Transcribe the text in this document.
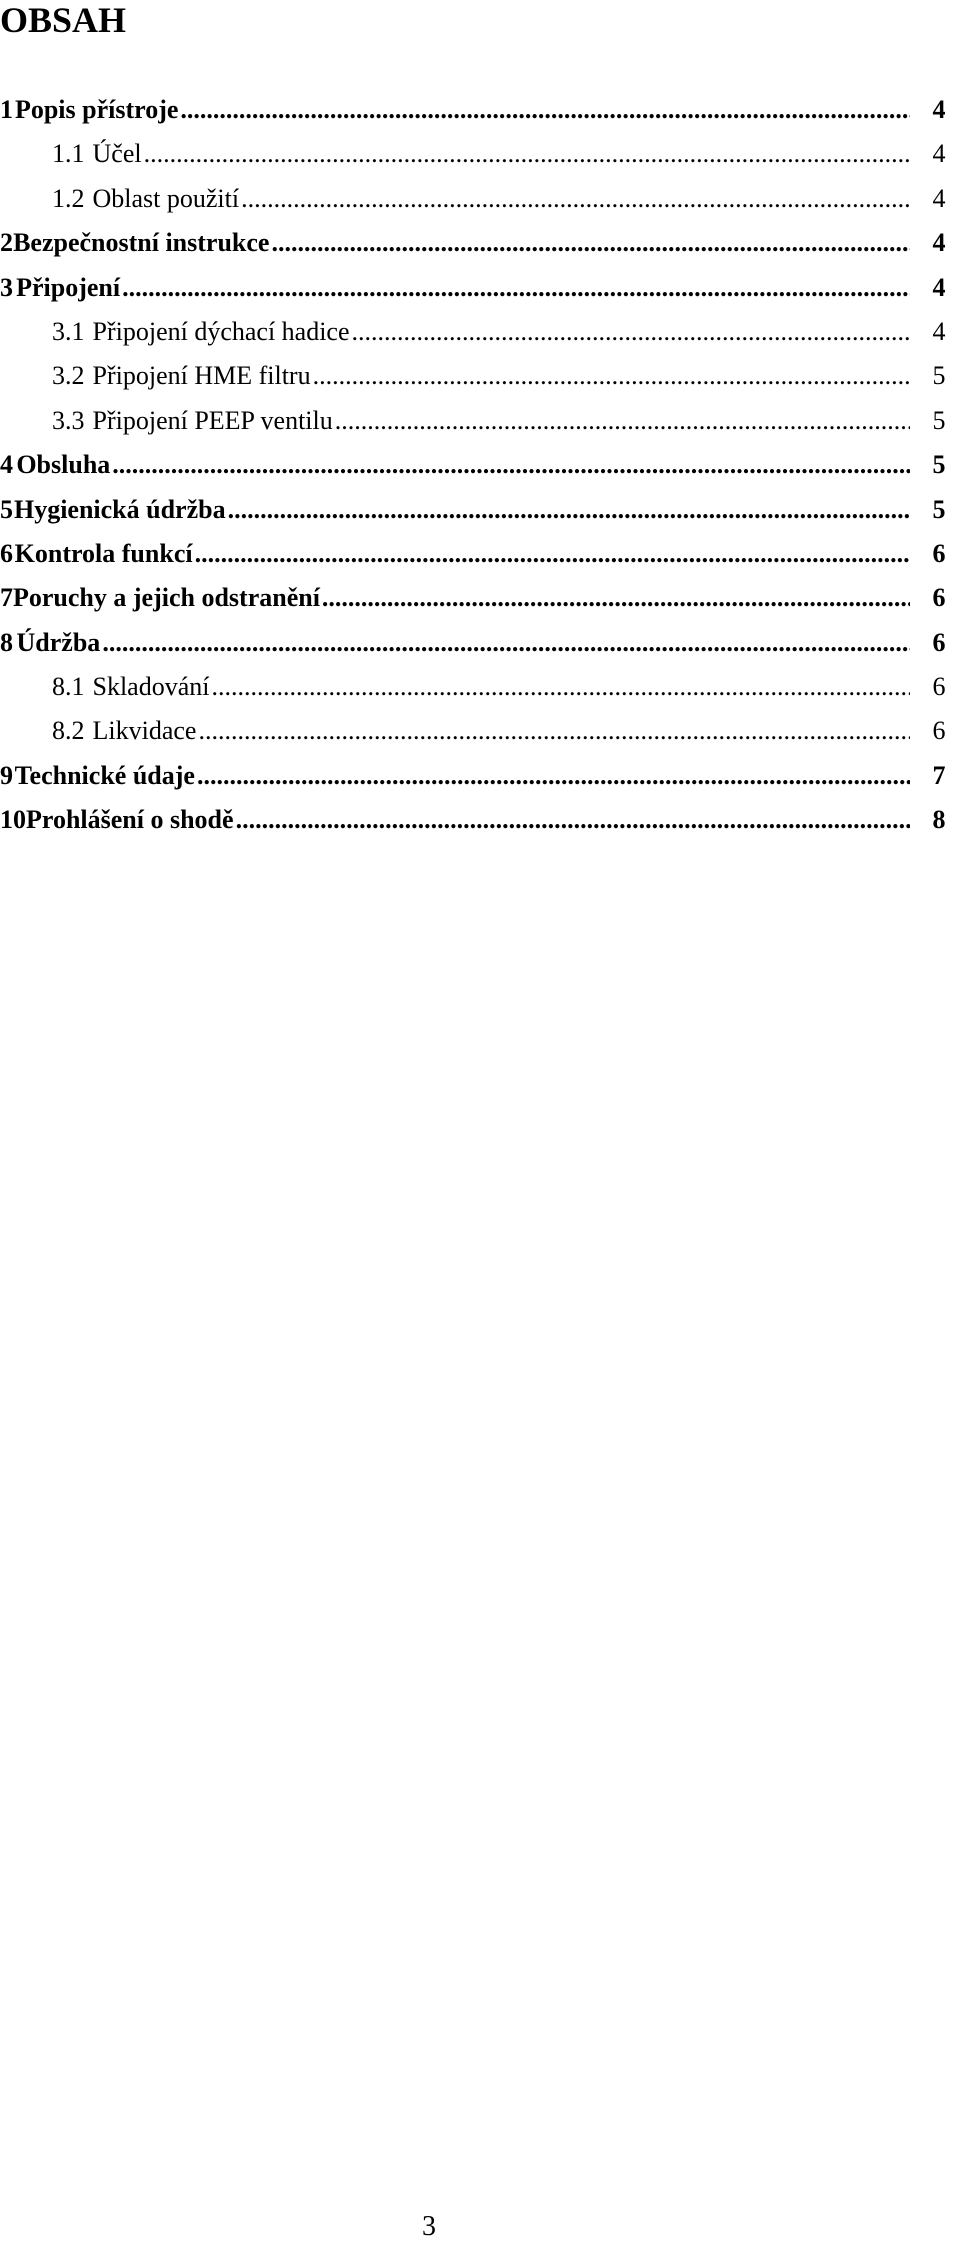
OBSAH
1 Popis přístroje .....	4
1.1 Účel .....	4
1.2 Oblast použití .....	4
2 Bezpečnostní instrukce .....	4
3 Připojení .....	4
3.1 Připojení dýchací hadice .....	4
3.2 Připojení HME filtru .....	5
3.3 Připojení PEEP ventilu .....	5
4 Obsluha .....	5
5 Hygienická údržba .....	5
6 Kontrola funkcí .....	6
7 Poruchy a jejich odstranění .....	6
8 Údržba .....	6
8.1 Skladování .....	6
8.2 Likvidace .....	6
9 Technické údaje .....	7
10 Prohlášení o shodě .....	8
3
